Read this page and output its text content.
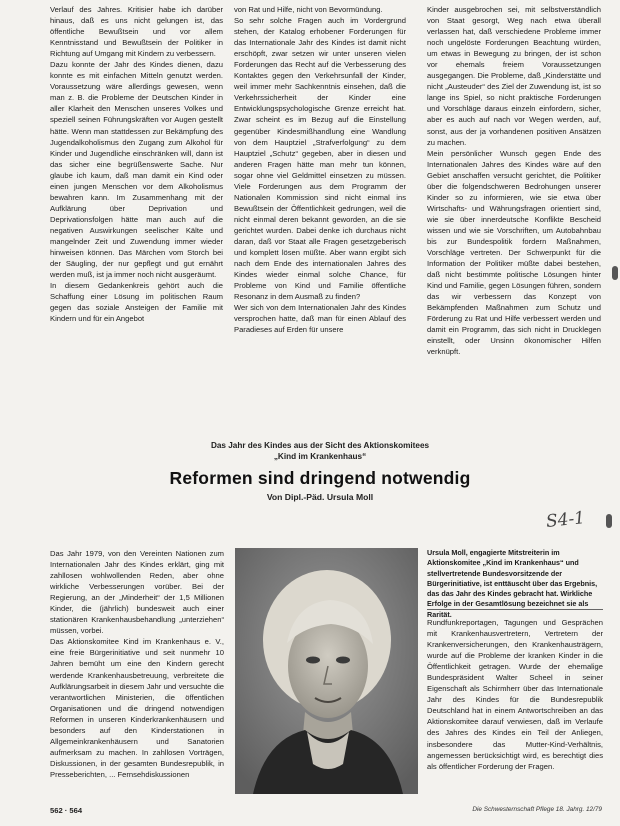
Verlauf des Jahres. Kritisier habe ich darüber hinaus, daß es uns nicht gelungen ist, das öffentliche Bewußtsein und vor allem Kenntnisstand und Bewußtsein der Politiker in Richtung auf Umgang mit Kindern zu verbessern.

Dazu konnte der Jahr des Kindes dienen, dazu konnte es mit einfachen Mitteln genutzt werden. Voraussetzung wäre allerdings gewesen, wenn man z. B. die Probleme der Deutschen Kinder in aller Klarheit den Menschen unseres Volkes und speziell seinen Führungskräften vor Augen gestellt hätte. Wenn man stattdessen zur Bekämpfung des Jugendalkoholismus den Zugang zum Alkohol für Kinder und Jugendliche einschränken will, dann ist das sicher eine begrüßenswerte Sache. Nur glaube ich kaum, daß man damit ein Kind oder einen jungen Menschen vor dem Alkoholismus bewahren kann. Im Zusammenhang mit der Aufklärung über Deprivation und Deprivationsfolgen hätte man auch auf die negativen Auswirkungen seelischer Kälte und mangelnder Zeit und Zuwendung immer wieder hinweisen können. Das Märchen vom Storch bei der Säugling, der nur gepflegt und gut ernährt werden muß, ist ja immer noch nicht ausgeräumt.

In diesem Gedankenkreis gehört auch die Schaffung einer Lösung im politischen Raum gegen das soziale Ansteigen der Familie mit Kindern und für ein Angebot

von Rat und Hilfe, nicht von Bevormündung.

So sehr solche Fragen auch im Vordergrund stehen, der Katalog erhobener Forderungen für das Internationale Jahr des Kindes ist damit nicht erschöpft, zwar setzen wir unter unseren vielen Forderungen das Recht auf die Verbesserung des Kontaktes gegen den Verkehrsunfall der Kinder, weil immer mehr Sachkenntnis einsehen, daß die Verkehrssicherheit der Kinder eine Entwicklungspsychologische Grenze erreicht hat. Zwar scheint es im Bezug auf die Einstellung gegenüber Kindesmißhandlung eine Wandlung von dem Hauptziel „Strafverfolgung“ zu dem Hauptziel „Schutz“ gegeben, aber in diesen und anderen Fragen hätte man mehr tun können, sogar ohne viel Geldmittel einsetzen zu müssen. Viele Forderungen aus dem Programm der Nationalen Kommission sind nicht einmal ins Bewußtsein der Öffentlichkeit gedrungen, weil die nicht einmal deren bekannt geworden, an die sie gerichtet wurden. Dabei denke ich durchaus nicht daran, daß vor Staat alle Fragen gesetzgeberisch und komplett lösen müßte. Aber wann ergibt sich nach dem Ende des internationalen Jahres des Kindes wieder einmal solche Chance, für Probleme von Kind und Familie öffentliche Resonanz in dem Ausmaß zu finden?

Wer sich von dem Internationalen Jahr des Kindes versprochen hatte, daß man für einen Ablauf des Paradieses auf Erden für unsere

Kinder ausgebrochen sei, mit selbstverständlich von Staat gesorgt, Weg nach etwa überall verlassen hat, daß verschiedene Probleme immer noch ungelöste Forderungen Beachtung würden, um etwas in Bewegung zu bringen, der ist schon vor ehemals freiem Voraussetzungen ausgegangen. Die Probleme, daß „Kinderstätte und nicht „Austeuder“ des Ziel der Zuwendung ist, ist so lange ins Spiel, so nicht praktische Forderungen und Vorschläge daraus einzeln einfordern, sicher, aber es auch auf nach vor Wegen werden, auf, sonst, aus der ja vorhandenen positiven Ansätzen zu machen.

Mein persönlicher Wunsch gegen Ende des Internationalen Jahres des Kindes wäre auf den Gebiet anschaffen versucht gerichtet, die Politiker über die folgendschweren Bedrohungen unserer Kinder so zu informieren, wie sie etwa über Wirtschafts- und Währungsfragen orientiert sind, wie sie über innerdeutsche Konflikte Bescheid wissen und wie sie Vorschriften, um Autobahnbau bis zur Bundespolitik fordern Maßnahmen, Vorschläge vertreten. Der Schwerpunkt für die Information der Politiker müßte dabei bestehen, daß nicht bestimmte politische Lösungen hinter Kind und Familie, gegen Lösungen führen, sondern das wir verbessern das Konzept von Bekämpfenden Maßnahmen zum Schutz und Förderung zu Rat und Hilfe verbessert werden und damit ein Programm, das sich nicht in Drucklegen einstellt, oder Unsinn ökonomischer Hilfen verknüpft.

Das Jahr des Kindes aus der Sicht des Aktionskomitees
„Kind im Krankenhaus“
Reformen sind dringend notwendig
Von Dipl.-Päd. Ursula Moll
S4-1

Das Jahr 1979, von den Vereinten Nationen zum Internationalen Jahr des Kindes erklärt, ging mit zahllosen wohlwollenden Reden, aber ohne wirkliche Verbesserungen vorüber. Bei der Regierung, an der „Minderheit“ der 1,5 Millionen Kinder, die (jährlich) bundesweit auch einer stationären Krankenhausbehandlung „unterziehen“ müssen, vorbei.

Das Aktionskomitee Kind im Krankenhaus e. V., eine freie Bürgerinitiative und seit nunmehr 10 Jahren bemüht um eine den Kindern gerecht werdende Krankenhausbetreuung, verbreitete die Aufklärungsarbeit in diesem Jahr und versuchte die verantwortlichen Ministerien, die öffentlichen Organisationen und die dringend notwendigen Reformen in unseren Kinderkrankenhäusern und besonders auf den Kinderstationen in Allgemeinkrankenhäusern und Sanatorien aufmerksam zu machen. In zahllosen Vorträgen, Diskussionen, in der gesamten Bundesrepublik, in Presseberichten, ... Fernsehdiskussionen

Ursula Moll, engagierte Mitstreiterin im Aktionskomitee „Kind im Krankenhaus“ und stellvertretende Bundesvorsitzende der Bürgerinitiative, ist enttäuscht über das Ergebnis, das das Jahr des Kindes gebracht hat. Wirkliche Erfolge in der Gesamtlösung bezeichnet sie als Rarität.

Rundfunkreportagen, Tagungen und Gesprächen mit Krankenhausvertretern, Vertretern der Krankenversicherungen, den Krankenhausträgern, wurde auf die Probleme der kranken Kinder in die Öffentlichkeit getragen. Wurde der ehemalige Bundespräsident Walter Scheel in seiner Eigenschaft als Schirmherr über das Internationale Jahr des Kindes für die Bundesrepublik Deutschland hat in einem Antwortschreiben an das Aktionskomitee darauf verwiesen, daß im Verlaufe des Jahres des Kindes ein Teil der Anliegen, insbesondere das Mutter-Kind-Verhältnis, angemessen berücksichtigt wird, es berechtigt dies als öffentlicher Forderung der Fragen.

562 · 564	Die Schwesternschaft Pflege 18. Jahrg. 12/79
